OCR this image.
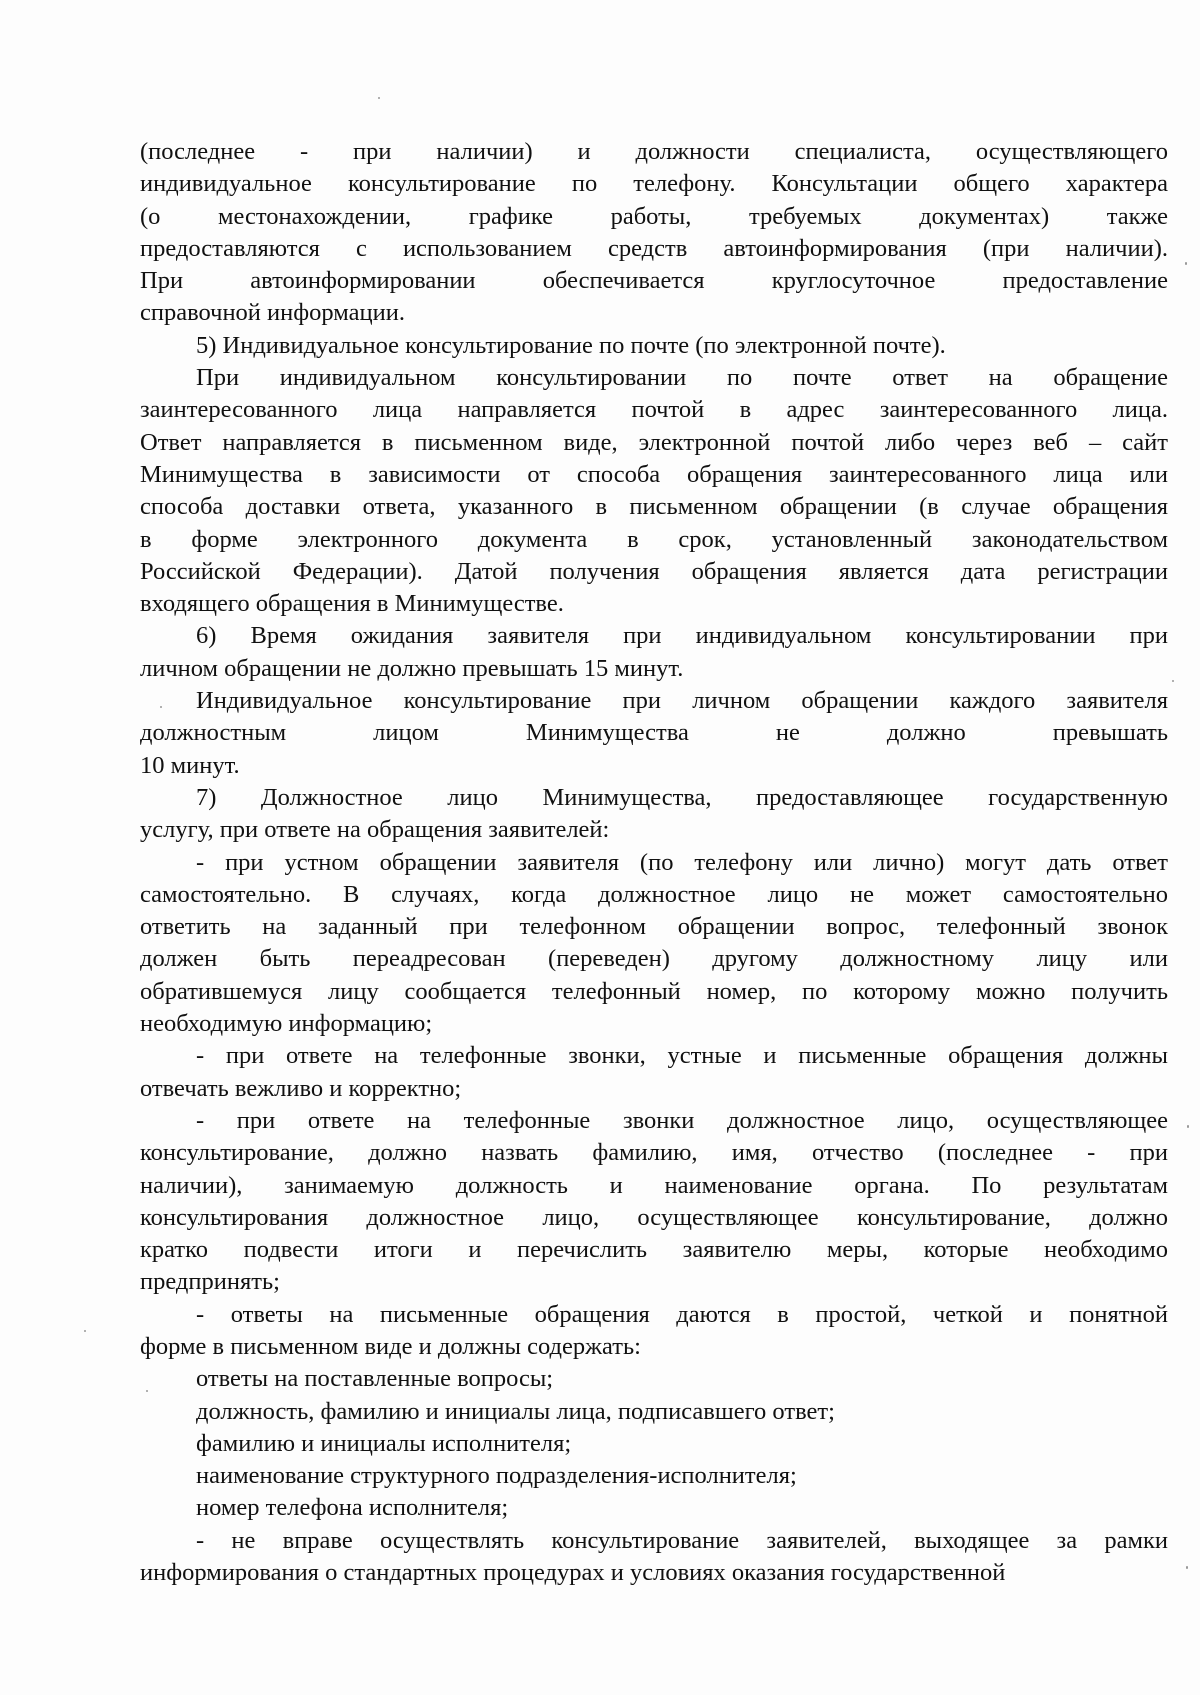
(последнее - при наличии) и должности специалиста, осуществляющего
индивидуальное консультирование по телефону. Консультации общего характера
(о местонахождении, графике работы, требуемых документах) также
предоставляются с использованием средств автоинформирования (при наличии).
При автоинформировании обеспечивается круглосуточное предоставление
справочной информации.
5) Индивидуальное консультирование по почте (по электронной почте).
При индивидуальном консультировании по почте ответ на обращение
заинтересованного лица направляется почтой в адрес заинтересованного лица.
Ответ направляется в письменном виде, электронной почтой либо через веб – сайт
Минимущества в зависимости от способа обращения заинтересованного лица или
способа доставки ответа, указанного в письменном обращении (в случае обращения
в форме электронного документа в срок, установленный законодательством
Российской Федерации). Датой получения обращения является дата регистрации
входящего обращения в Минимуществе.
6) Время ожидания заявителя при индивидуальном консультировании при
личном обращении не должно превышать 15 минут.
Индивидуальное консультирование при личном обращении каждого заявителя
должностным лицом Минимущества не должно превышать
10 минут.
7) Должностное лицо Минимущества, предоставляющее государственную
услугу, при ответе на обращения заявителей:
- при устном обращении заявителя (по телефону или лично) могут дать ответ
самостоятельно. В случаях, когда должностное лицо не может самостоятельно
ответить на заданный при телефонном обращении вопрос, телефонный звонок
должен быть переадресован (переведен) другому должностному лицу или
обратившемуся лицу сообщается телефонный номер, по которому можно получить
необходимую информацию;
- при ответе на телефонные звонки, устные и письменные обращения должны
отвечать вежливо и корректно;
- при ответе на телефонные звонки должностное лицо, осуществляющее
консультирование, должно назвать фамилию, имя, отчество (последнее - при
наличии), занимаемую должность и наименование органа. По результатам
консультирования должностное лицо, осуществляющее консультирование, должно
кратко подвести итоги и перечислить заявителю меры, которые необходимо
предпринять;
- ответы на письменные обращения даются в простой, четкой и понятной
форме в письменном виде и должны содержать:
ответы на поставленные вопросы;
должность, фамилию и инициалы лица, подписавшего ответ;
фамилию и инициалы исполнителя;
наименование структурного подразделения-исполнителя;
номер телефона исполнителя;
- не вправе осуществлять консультирование заявителей, выходящее за рамки
информирования о стандартных процедурах и условиях оказания государственной
